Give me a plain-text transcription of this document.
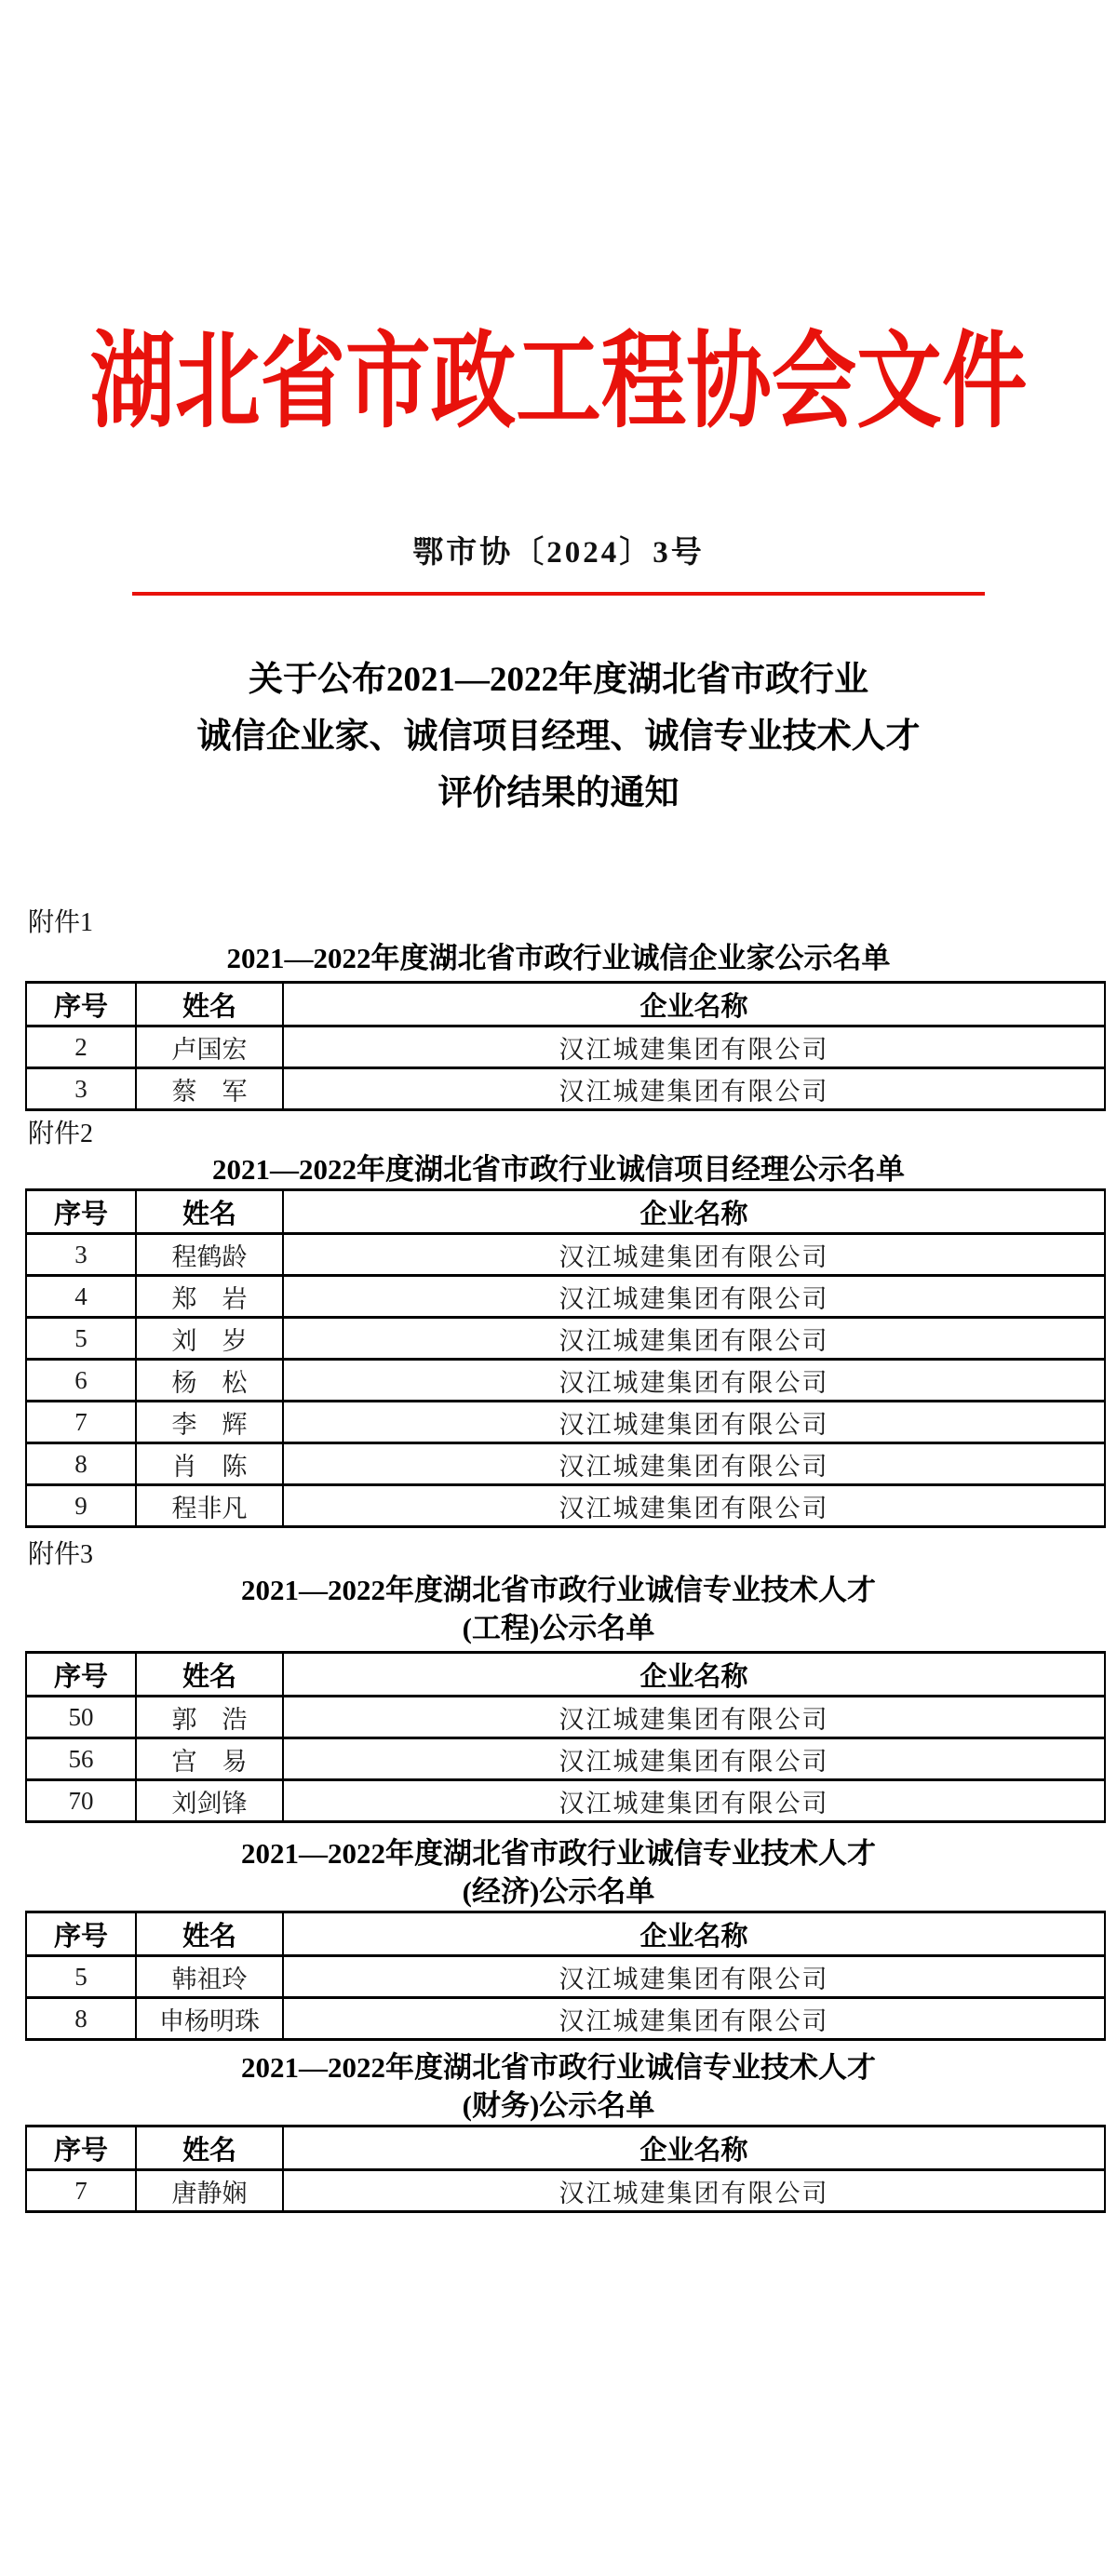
湖北省市政工程协会文件
鄂市协〔2024〕3号
关于公布2021—2022年度湖北省市政行业
诚信企业家、诚信项目经理、诚信专业技术人才
评价结果的通知
附件1
2021—2022年度湖北省市政行业诚信企业家公示名单
序号	姓名	企业名称
2	卢国宏	汉江城建集团有限公司
3	蔡　军	汉江城建集团有限公司
附件2
2021—2022年度湖北省市政行业诚信项目经理公示名单
序号	姓名	企业名称
3	程鹤龄	汉江城建集团有限公司
4	郑　岩	汉江城建集团有限公司
5	刘　岁	汉江城建集团有限公司
6	杨　松	汉江城建集团有限公司
7	李　辉	汉江城建集团有限公司
8	肖　陈	汉江城建集团有限公司
9	程非凡	汉江城建集团有限公司
附件3
2021—2022年度湖北省市政行业诚信专业技术人才
(工程)公示名单
序号	姓名	企业名称
50	郭　浩	汉江城建集团有限公司
56	宫　易	汉江城建集团有限公司
70	刘剑锋	汉江城建集团有限公司
2021—2022年度湖北省市政行业诚信专业技术人才
(经济)公示名单
序号	姓名	企业名称
5	韩祖玲	汉江城建集团有限公司
8	申杨明珠	汉江城建集团有限公司
2021—2022年度湖北省市政行业诚信专业技术人才
(财务)公示名单
序号	姓名	企业名称
7	唐静娴	汉江城建集团有限公司
